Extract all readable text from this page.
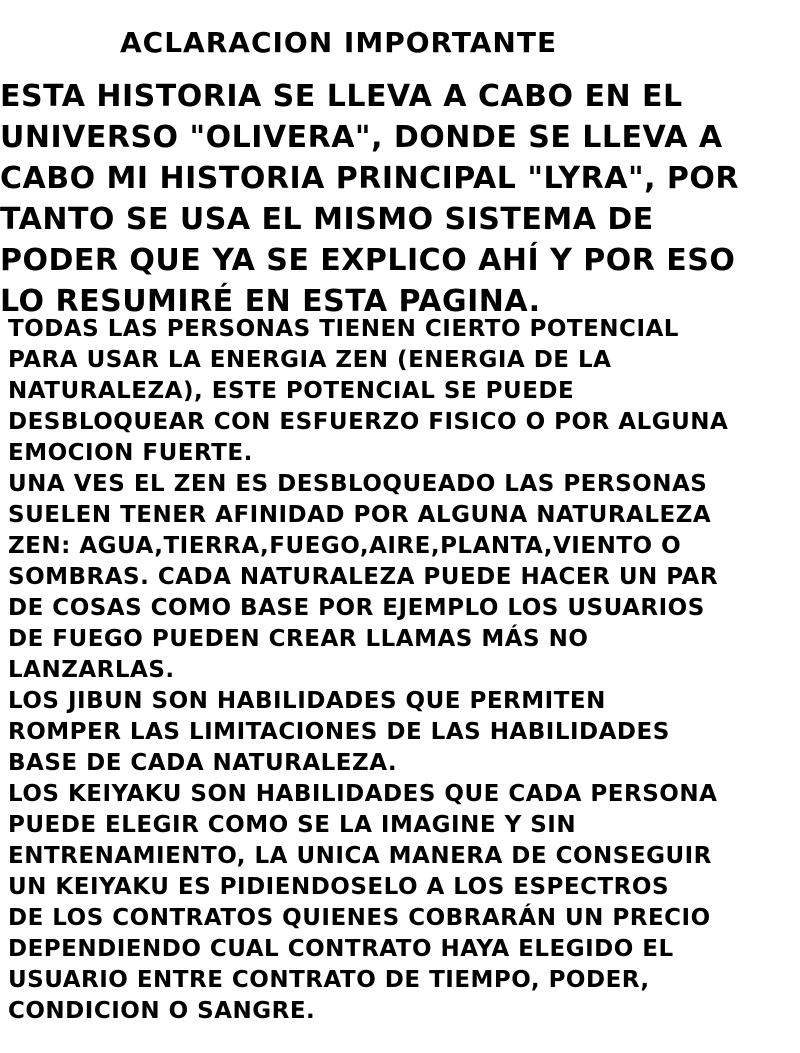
ACLARACION IMPORTANTE
ESTA HISTORIA SE LLEVA A CABO EN EL
UNIVERSO "OLIVERA", DONDE SE LLEVA A
CABO MI HISTORIA PRINCIPAL "LYRA", POR
TANTO SE USA EL MISMO SISTEMA DE
PODER QUE YA SE EXPLICO AHÍ Y POR ESO
LO RESUMIRÉ EN ESTA PAGINA.
TODAS LAS PERSONAS TIENEN CIERTO POTENCIAL
PARA USAR LA ENERGIA ZEN (ENERGIA DE LA
NATURALEZA), ESTE POTENCIAL SE PUEDE
DESBLOQUEAR CON ESFUERZO FISICO O POR ALGUNA
EMOCION FUERTE.
UNA VES EL ZEN ES DESBLOQUEADO LAS PERSONAS
SUELEN TENER AFINIDAD POR ALGUNA NATURALEZA
ZEN: AGUA,TIERRA,FUEGO,AIRE,PLANTA,VIENTO O
SOMBRAS. CADA NATURALEZA PUEDE HACER UN PAR
DE COSAS COMO BASE POR EJEMPLO LOS USUARIOS
DE FUEGO PUEDEN CREAR LLAMAS MÁS NO
LANZARLAS.
LOS JIBUN SON HABILIDADES QUE PERMITEN
ROMPER LAS LIMITACIONES DE LAS HABILIDADES
BASE DE CADA NATURALEZA.
LOS KEIYAKU SON HABILIDADES QUE CADA PERSONA
PUEDE ELEGIR COMO SE LA IMAGINE Y SIN
ENTRENAMIENTO, LA UNICA MANERA DE CONSEGUIR
UN KEIYAKU ES PIDIENDOSELO A LOS ESPECTROS
DE LOS CONTRATOS QUIENES COBRARÁN UN PRECIO
DEPENDIENDO CUAL CONTRATO HAYA ELEGIDO EL
USUARIO ENTRE CONTRATO DE TIEMPO, PODER,
CONDICION O SANGRE.
